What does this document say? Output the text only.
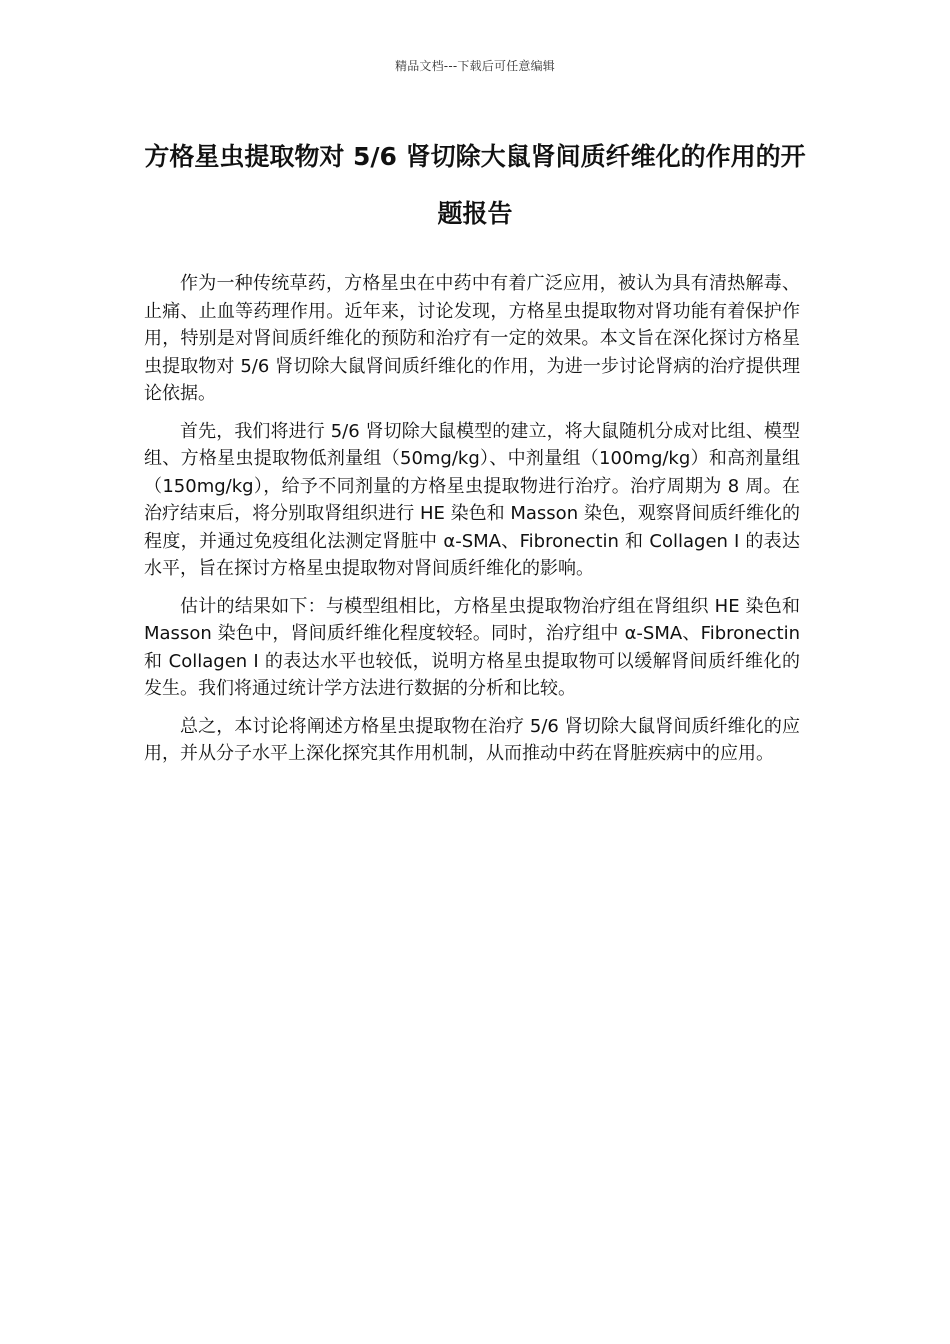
精品文档---下载后可任意编辑
方格星虫提取物对 5/6 肾切除大鼠肾间质纤维化的作用的开题报告

作为一种传统草药，方格星虫在中药中有着广泛应用，被认为具有清热解毒、止痛、止血等药理作用。近年来，讨论发现，方格星虫提取物对肾功能有着保护作用，特别是对肾间质纤维化的预防和治疗有一定的效果。本文旨在深化探讨方格星虫提取物对 5/6 肾切除大鼠肾间质纤维化的作用，为进一步讨论肾病的治疗提供理论依据。

首先，我们将进行 5/6 肾切除大鼠模型的建立，将大鼠随机分成对比组、模型组、方格星虫提取物低剂量组（50mg/kg）、中剂量组（100mg/kg）和高剂量组（150mg/kg），给予不同剂量的方格星虫提取物进行治疗。治疗周期为 8 周。在治疗结束后，将分别取肾组织进行 HE 染色和 Masson 染色，观察肾间质纤维化的程度，并通过免疫组化法测定肾脏中 α-SMA、Fibronectin 和 Collagen I 的表达水平，旨在探讨方格星虫提取物对肾间质纤维化的影响。

估计的结果如下：与模型组相比，方格星虫提取物治疗组在肾组织 HE 染色和 Masson 染色中，肾间质纤维化程度较轻。同时，治疗组中 α-SMA、Fibronectin 和 Collagen I 的表达水平也较低，说明方格星虫提取物可以缓解肾间质纤维化的发生。我们将通过统计学方法进行数据的分析和比较。

总之，本讨论将阐述方格星虫提取物在治疗 5/6 肾切除大鼠肾间质纤维化的应用，并从分子水平上深化探究其作用机制，从而推动中药在肾脏疾病中的应用。
